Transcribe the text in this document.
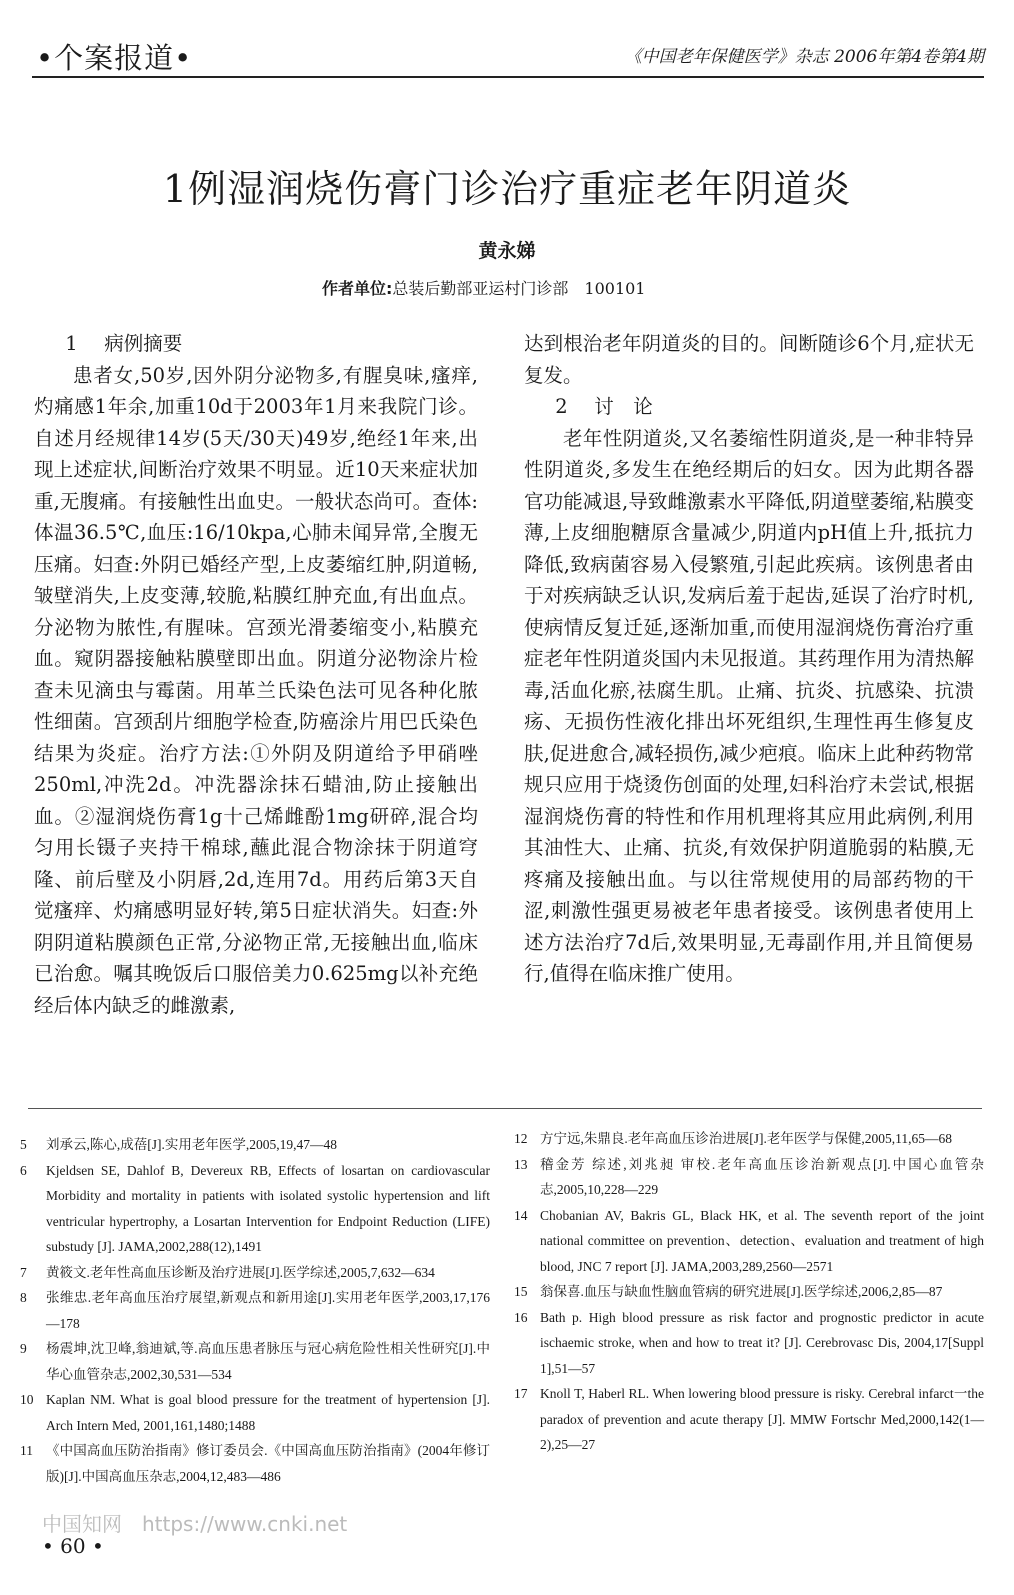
•个案报道•	《中国老年保健医学》杂志 2006年第4卷第4期
1例湿润烧伤膏门诊治疗重症老年阴道炎
黄永娣
作者单位:总装后勤部亚运村门诊部　100101
1 病例摘要

患者女,50岁,因外阴分泌物多,有腥臭味,瘙痒,灼痛感1年余,加重10d于2003年1月来我院门诊。自述月经规律14岁(5天/30天)49岁,绝经1年来,出现上述症状,间断治疗效果不明显。近10天来症状加重,无腹痛。有接触性出血史。一般状态尚可。查体:体温36.5℃,血压:16/10kpa,心肺未闻异常,全腹无压痛。妇查:外阴已婚经产型,上皮萎缩红肿,阴道畅,皱壁消失,上皮变薄,较脆,粘膜红肿充血,有出血点。分泌物为脓性,有腥味。宫颈光滑萎缩变小,粘膜充血。窥阴器接触粘膜壁即出血。阴道分泌物涂片检查未见滴虫与霉菌。用革兰氏染色法可见各种化脓性细菌。宫颈刮片细胞学检查,防癌涂片用巴氏染色结果为炎症。治疗方法:①外阴及阴道给予甲硝唑250ml,冲洗2d。冲洗器涂抹石蜡油,防止接触出血。②湿润烧伤膏1g十己烯雌酚1mg研碎,混合均匀用长镊子夹持干棉球,蘸此混合物涂抹于阴道穹隆、前后壁及小阴唇,2d,连用7d。用药后第3天自觉瘙痒、灼痛感明显好转,第5日症状消失。妇查:外阴阴道粘膜颜色正常,分泌物正常,无接触出血,临床已治愈。嘱其晚饭后口服倍美力0.625mg以补充绝经后体内缺乏的雌激素,

达到根治老年阴道炎的目的。间断随诊6个月,症状无复发。

2 讨　论

老年性阴道炎,又名萎缩性阴道炎,是一种非特异性阴道炎,多发生在绝经期后的妇女。因为此期各器官功能减退,导致雌激素水平降低,阴道壁萎缩,粘膜变薄,上皮细胞糖原含量减少,阴道内pH值上升,抵抗力降低,致病菌容易入侵繁殖,引起此疾病。该例患者由于对疾病缺乏认识,发病后羞于起齿,延误了治疗时机,使病情反复迁延,逐渐加重,而使用湿润烧伤膏治疗重症老年性阴道炎国内未见报道。其药理作用为清热解毒,活血化瘀,祛腐生肌。止痛、抗炎、抗感染、抗溃疡、无损伤性液化排出坏死组织,生理性再生修复皮肤,促进愈合,减轻损伤,减少疤痕。临床上此种药物常规只应用于烧烫伤创面的处理,妇科治疗未尝试,根据湿润烧伤膏的特性和作用机理将其应用此病例,利用其油性大、止痛、抗炎,有效保护阴道脆弱的粘膜,无疼痛及接触出血。与以往常规使用的局部药物的干涩,刺激性强更易被老年患者接受。该例患者使用上述方法治疗7d后,效果明显,无毒副作用,并且简便易行,值得在临床推广使用。

5	刘承云,陈心,成蓓[J].实用老年医学,2005,19,47—48
6	Kjeldsen SE, Dahlof B, Devereux RB, Effects of losartan on cardiovascular Morbidity and mortality in patients with isolated systolic hypertension and lift ventricular hypertrophy, a Losartan Intervention for Endpoint Reduction (LIFE) substudy [J]. JAMA,2002,288(12),1491
7	黄筱文.老年性高血压诊断及治疗进展[J].医学综述,2005,7,632—634
8	张维忠.老年高血压治疗展望,新观点和新用途[J].实用老年医学,2003,17,176—178
9	杨震坤,沈卫峰,翁迪斌,等.高血压患者脉压与冠心病危险性相关性研究[J].中华心血管杂志,2002,30,531—534
10 Kaplan NM. What is goal blood pressure for the treatment of hypertension [J]. Arch Intern Med, 2001,161,1480;1488
11 《中国高血压防治指南》修订委员会.《中国高血压防治指南》(2004年修订版)[J].中国高血压杂志,2004,12,483—486
12 方宁远,朱鼎良.老年高血压诊治进展[J].老年医学与保健,2005,11,65—68
13 稽金芳 综述,刘兆昶 审校.老年高血压诊治新观点[J].中国心血管杂志,2005,10,228—229
14 Chobanian AV, Bakris GL, Black HK, et al. The seventh report of the joint national committee on prevention、detection、evaluation and treatment of high blood, JNC 7 report [J]. JAMA,2003,289,2560—2571
15 翁保喜.血压与缺血性脑血管病的研究进展[J].医学综述,2006,2,85—87
16 Bath p. High blood pressure as risk factor and prognostic predictor in acute ischaemic stroke, when and how to treat it? [J]. Cerebrovasc Dis, 2004,17[Suppl 1],51—57
17 Knoll T, Haberl RL. When lowering blood pressure is risky. Cerebral infarct一the paradox of prevention and acute therapy [J]. MMW Fortschr Med,2000,142(1—2),25—27
中国知网　https://www.cnki.net
• 60 •
